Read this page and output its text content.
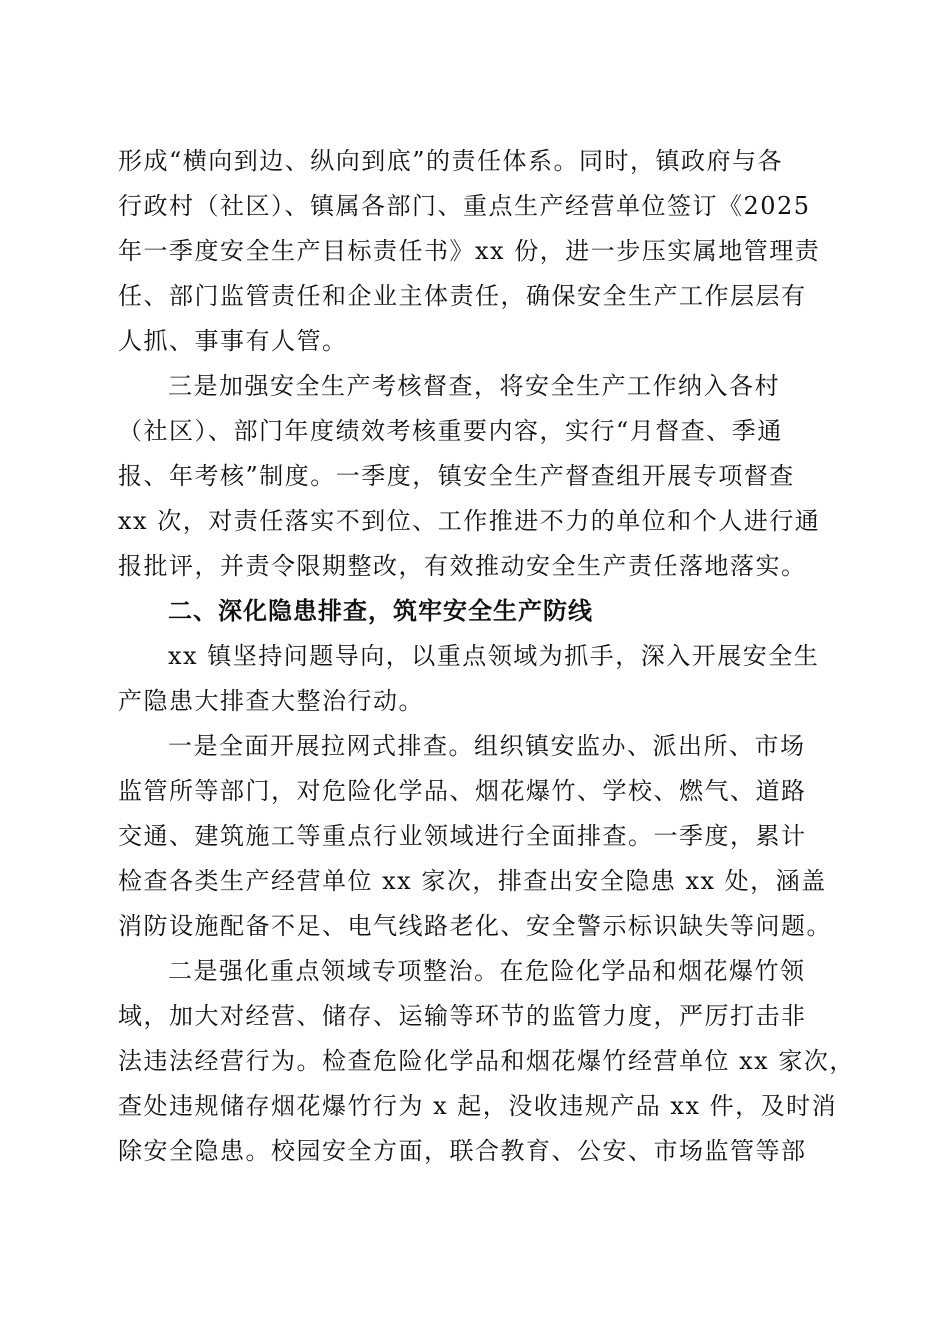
形成“横向到边、纵向到底”的责任体系。同时，镇政府与各
行政村（社区）、镇属各部门、重点生产经营单位签订《2025
年一季度安全生产目标责任书》xx 份，进一步压实属地管理责
任、部门监管责任和企业主体责任，确保安全生产工作层层有
人抓、事事有人管。
三是加强安全生产考核督查，将安全生产工作纳入各村
（社区）、部门年度绩效考核重要内容，实行“月督查、季通
报、年考核”制度。一季度，镇安全生产督查组开展专项督查
xx 次，对责任落实不到位、工作推进不力的单位和个人进行通
报批评，并责令限期整改，有效推动安全生产责任落地落实。
二、深化隐患排查，筑牢安全生产防线
xx 镇坚持问题导向，以重点领域为抓手，深入开展安全生
产隐患大排查大整治行动。
一是全面开展拉网式排查。组织镇安监办、派出所、市场
监管所等部门，对危险化学品、烟花爆竹、学校、燃气、道路
交通、建筑施工等重点行业领域进行全面排查。一季度，累计
检查各类生产经营单位 xx 家次，排查出安全隐患 xx 处，涵盖
消防设施配备不足、电气线路老化、安全警示标识缺失等问题。
二是强化重点领域专项整治。在危险化学品和烟花爆竹领
域，加大对经营、储存、运输等环节的监管力度，严厉打击非
法违法经营行为。检查危险化学品和烟花爆竹经营单位 xx 家次，
查处违规储存烟花爆竹行为 x 起，没收违规产品 xx 件，及时消
除安全隐患。校园安全方面，联合教育、公安、市场监管等部
